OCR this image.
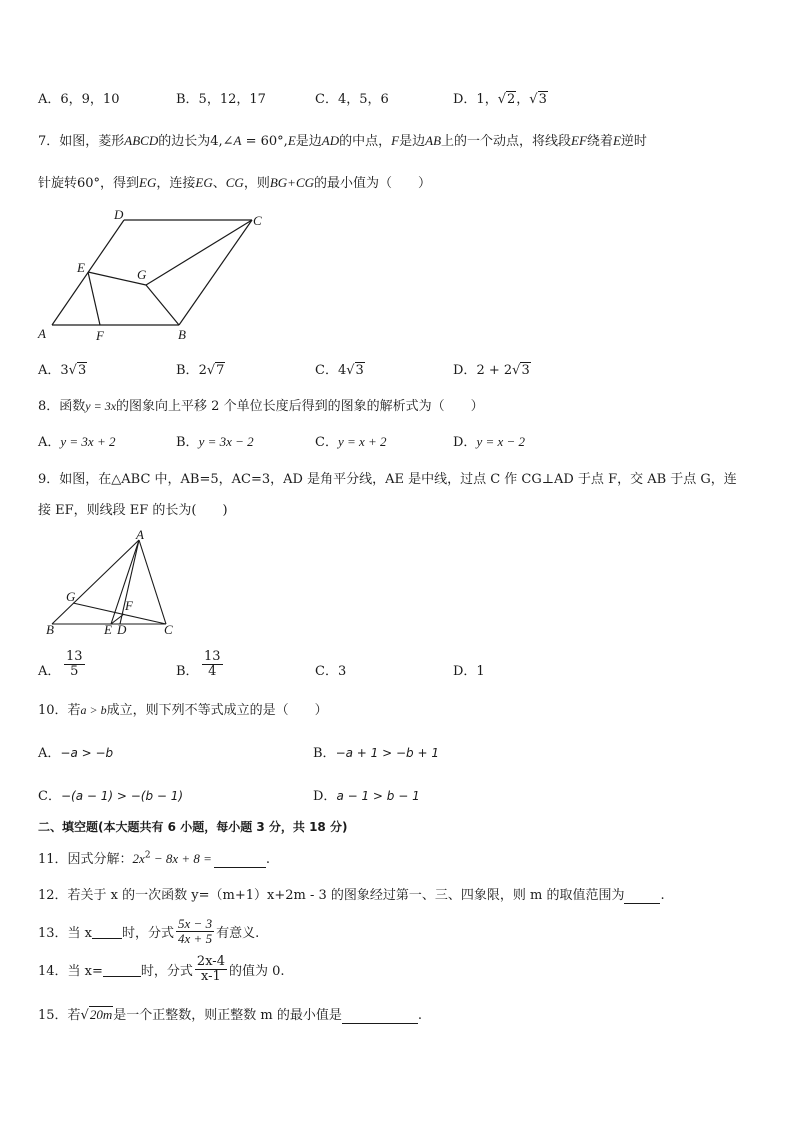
A．6，9，10	B．5，12，17	C．4，5，6	D．1，√2，√3
7．如图，菱形ABCD的边长为4,∠A = 60°,E是边AD的中点，F是边AB上的一个动点，将线段EF绕着E逆时
针旋转60°，得到EG，连接EG、CG，则BG+CG的最小值为（　　）
A	B
C
D
E
F
G
A．3√3	B．2√7	C．4√3	D．2 + 2√3
8．函数y = 3x的图象向上平移 2 个单位长度后得到的图象的解析式为（　　）
A．y = 3x + 2	B．y = 3x − 2	C．y = x + 2	D．y = x − 2
9．如图，在△ABC 中，AB=5，AC=3，AD 是角平分线，AE 是中线，过点 C 作 CG⊥AD 于点 F，交 AB 于点 G，连
接 EF，则线段 EF 的长为(　　)
A
B	C
D
E
F
G
A． $\frac{13}{5}$	B． $\frac{13}{4}$	C．3	D．1
10．若a > b成立，则下列不等式成立的是（　　）
A．−a > −b	B．−a + 1 > −b + 1
C．−(a − 1) > −(b − 1)	D．a − 1 > b − 1
二、填空题(本大题共有 6 小题，每小题 3 分，共 18 分)
11．因式分解：$2x^2 - 8x + 8$ =	.
12．若关于 x 的一次函数 y=（m+1）x+2m - 3 的图象经过第一、三、四象限，则 m 的取值范围为	.
13．当 x
时，分式 $\frac{5x - 3}{4x + 5}$ 有意义.
14．当 x=
	时，分式 $\frac{2x-4}{x-1}$ 的值为 0.
15．若√20m是一个正整数，则正整数 m 的最小值是	.
